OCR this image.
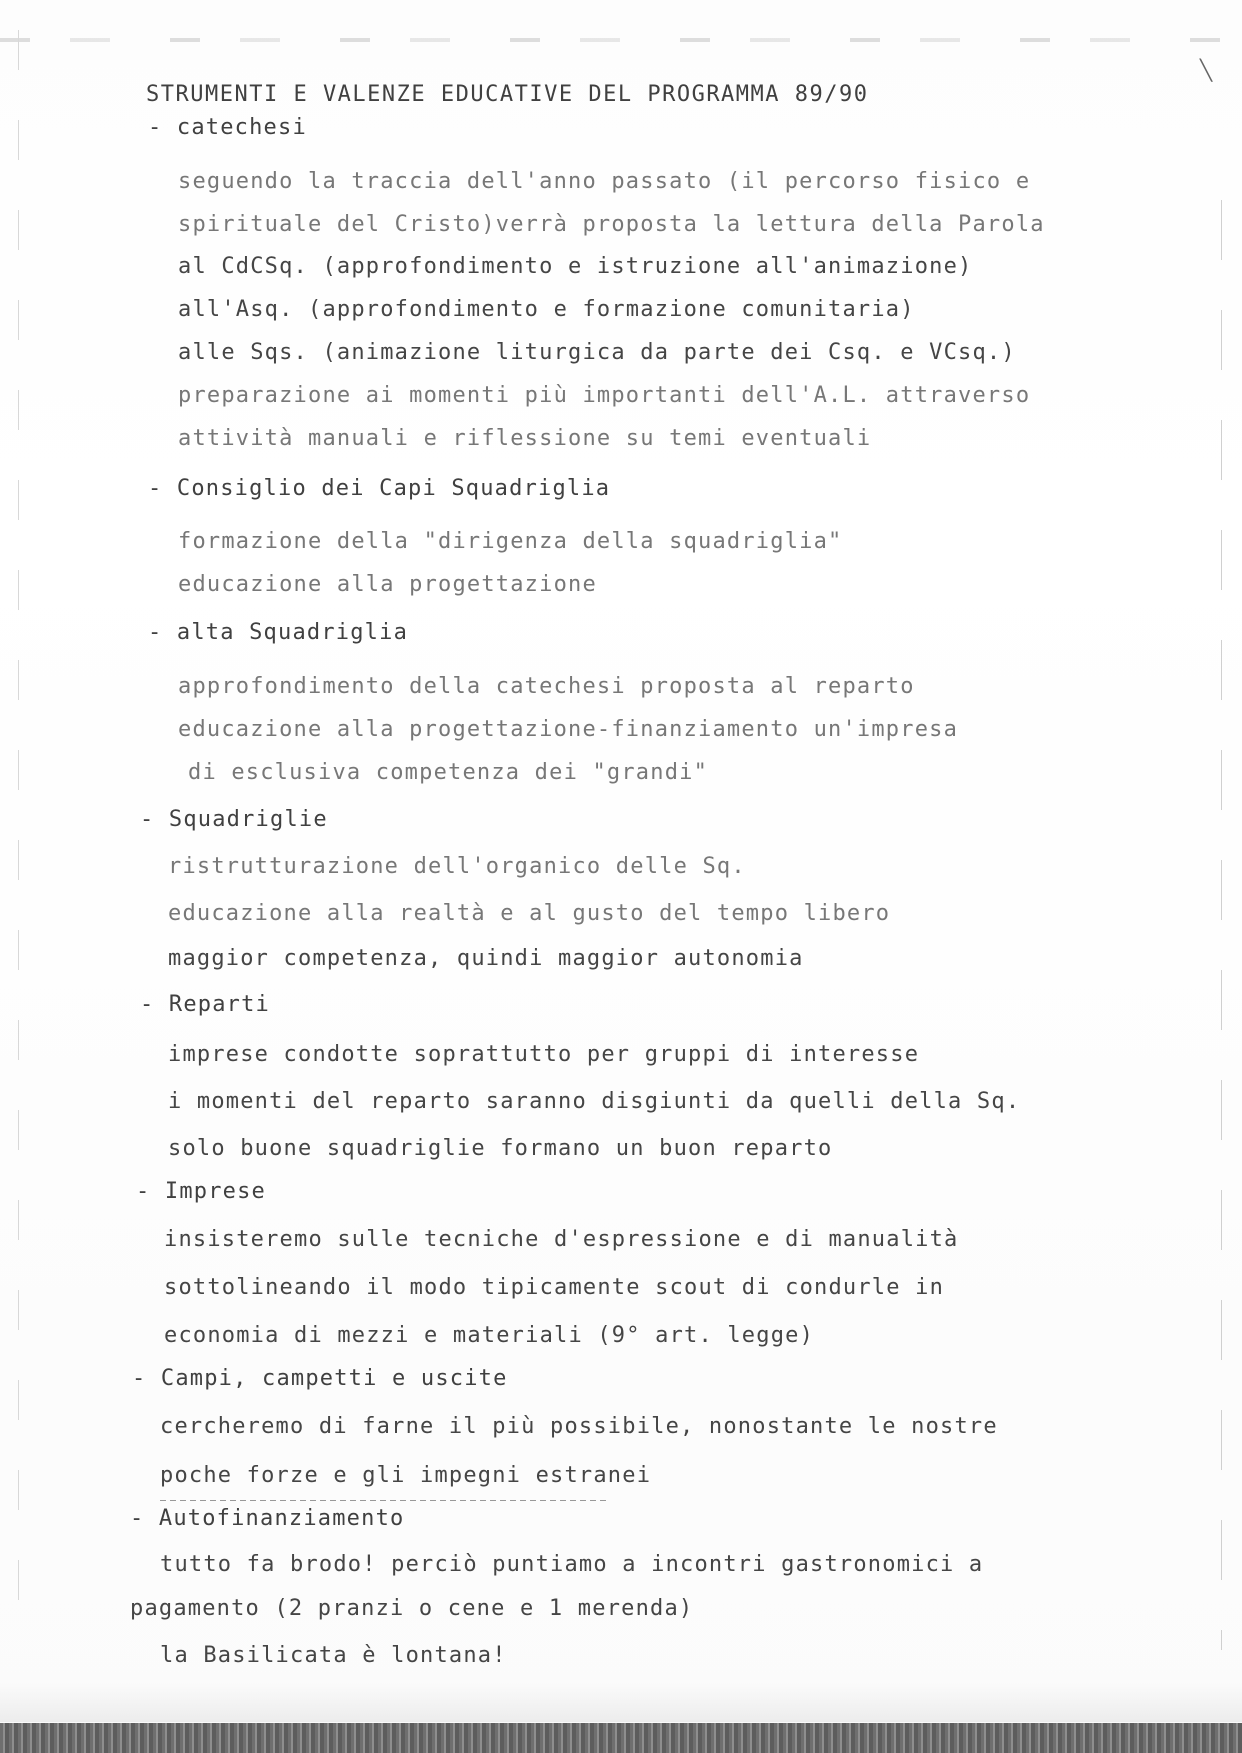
╲
STRUMENTI E VALENZE EDUCATIVE DEL PROGRAMMA 89/90
- catechesi
seguendo la traccia dell'anno passato (il percorso fisico e
spirituale del Cristo)verrà proposta la lettura della Parola
al CdCSq. (approfondimento e istruzione all'animazione)
all'Asq. (approfondimento e formazione comunitaria)
alle Sqs. (animazione liturgica da parte dei Csq. e VCsq.)
preparazione ai momenti più importanti dell'A.L. attraverso
attività manuali e riflessione su temi eventuali
- Consiglio dei Capi Squadriglia
formazione della "dirigenza della squadriglia"
educazione alla progettazione
- alta Squadriglia
approfondimento della catechesi proposta al reparto
educazione alla progettazione-finanziamento un'impresa
di esclusiva competenza dei "grandi"
- Squadriglie
ristrutturazione dell'organico delle Sq.
educazione alla realtà e al gusto del tempo libero
maggior competenza, quindi maggior autonomia
- Reparti
imprese condotte soprattutto per gruppi di interesse
i momenti del reparto saranno disgiunti da quelli della Sq.
solo buone squadriglie formano un buon reparto
- Imprese
insisteremo sulle tecniche d'espressione e di manualità
sottolineando il modo tipicamente scout di condurle in
economia di mezzi e materiali (9° art. legge)
- Campi, campetti e uscite
cercheremo di farne il più possibile, nonostante le nostre
poche forze e gli impegni estranei
- Autofinanziamento
tutto fa brodo! perciò puntiamo a incontri gastronomici a
pagamento (2 pranzi o cene e 1 merenda)
la Basilicata è lontana!
